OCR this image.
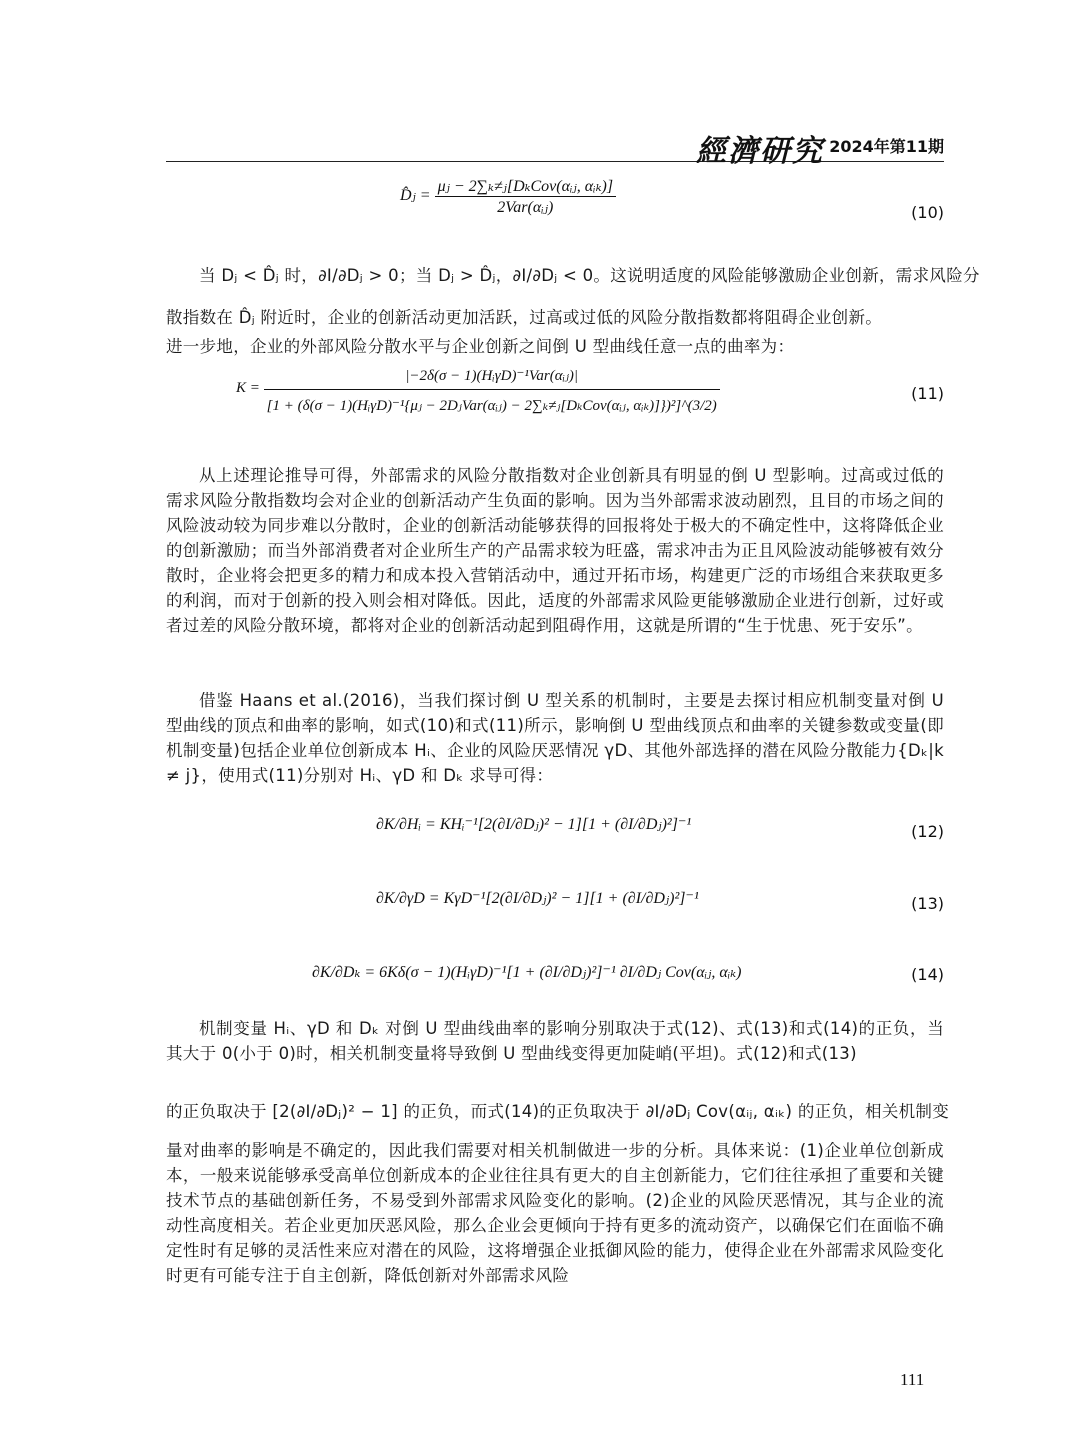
經濟研究 2024年第11期
D̂ⱼ = $\frac{\text{μⱼ − 2∑ₖ≠ⱼ[DₖCov(αᵢⱼ, αᵢₖ)]}}{\text{2Var(αᵢⱼ)}}$	(10)
当 Dⱼ < D̂ⱼ 时，∂I/∂Dⱼ > 0；当 Dⱼ > D̂ⱼ，∂I/∂Dⱼ < 0。这说明适度的风险能够激励企业创新，需求风险分
散指数在 D̂ⱼ 附近时，企业的创新活动更加活跃，过高或过低的风险分散指数都将阻碍企业创新。
进一步地，企业的外部风险分散水平与企业创新之间倒 U 型曲线任意一点的曲率为：
K =
|−2δ(σ − 1)(HᵢγD)⁻¹Var(αᵢⱼ)|
[1 + (δ(σ − 1)(HᵢγD)⁻¹{μⱼ − 2DⱼVar(αᵢⱼ) − 2∑ₖ≠ⱼ[DₖCov(αᵢⱼ, αᵢₖ)]})²]^(3/2)
(11)
从上述理论推导可得，外部需求的风险分散指数对企业创新具有明显的倒 U 型影响。过高或过低的需求风险分散指数均会对企业的创新活动产生负面的影响。因为当外部需求波动剧烈，且目的市场之间的风险波动较为同步难以分散时，企业的创新活动能够获得的回报将处于极大的不确定性中，这将降低企业的创新激励；而当外部消费者对企业所生产的产品需求较为旺盛，需求冲击为正且风险波动能够被有效分散时，企业将会把更多的精力和成本投入营销活动中，通过开拓市场，构建更广泛的市场组合来获取更多的利润，而对于创新的投入则会相对降低。因此，适度的外部需求风险更能够激励企业进行创新，过好或者过差的风险分散环境，都将对企业的创新活动起到阻碍作用，这就是所谓的“生于忧患、死于安乐”。
借鉴 Haans et al.(2016)，当我们探讨倒 U 型关系的机制时，主要是去探讨相应机制变量对倒 U 型曲线的顶点和曲率的影响，如式(10)和式(11)所示，影响倒 U 型曲线顶点和曲率的关键参数或变量(即机制变量)包括企业单位创新成本 Hᵢ、企业的风险厌恶情况 γD、其他外部选择的潜在风险分散能力{Dₖ|k ≠ j}，使用式(11)分别对 Hᵢ、γD 和 Dₖ 求导可得：
∂K/∂Hᵢ = KHᵢ⁻¹[2(∂I/∂Dⱼ)² − 1][1 + (∂I/∂Dⱼ)²]⁻¹	(12)
∂K/∂γD = KγD⁻¹[2(∂I/∂Dⱼ)² − 1][1 + (∂I/∂Dⱼ)²]⁻¹	(13)
∂K/∂Dₖ = 6Kδ(σ − 1)(HᵢγD)⁻¹[1 + (∂I/∂Dⱼ)²]⁻¹ ∂I/∂Dⱼ Cov(αᵢⱼ, αᵢₖ)	(14)
机制变量 Hᵢ、γD 和 Dₖ 对倒 U 型曲线曲率的影响分别取决于式(12)、式(13)和式(14)的正负，当其大于 0(小于 0)时，相关机制变量将导致倒 U 型曲线变得更加陡峭(平坦)。式(12)和式(13)
的正负取决于 [2(∂I/∂Dⱼ)² − 1] 的正负，而式(14)的正负取决于 ∂I/∂Dⱼ Cov(αᵢⱼ, αᵢₖ) 的正负，相关机制变
量对曲率的影响是不确定的，因此我们需要对相关机制做进一步的分析。具体来说：(1)企业单位创新成本，一般来说能够承受高单位创新成本的企业往往具有更大的自主创新能力，它们往往承担了重要和关键技术节点的基础创新任务，不易受到外部需求风险变化的影响。(2)企业的风险厌恶情况，其与企业的流动性高度相关。若企业更加厌恶风险，那么企业会更倾向于持有更多的流动资产，以确保它们在面临不确定性时有足够的灵活性来应对潜在的风险，这将增强企业抵御风险的能力，使得企业在外部需求风险变化时更有可能专注于自主创新，降低创新对外部需求风险
111
